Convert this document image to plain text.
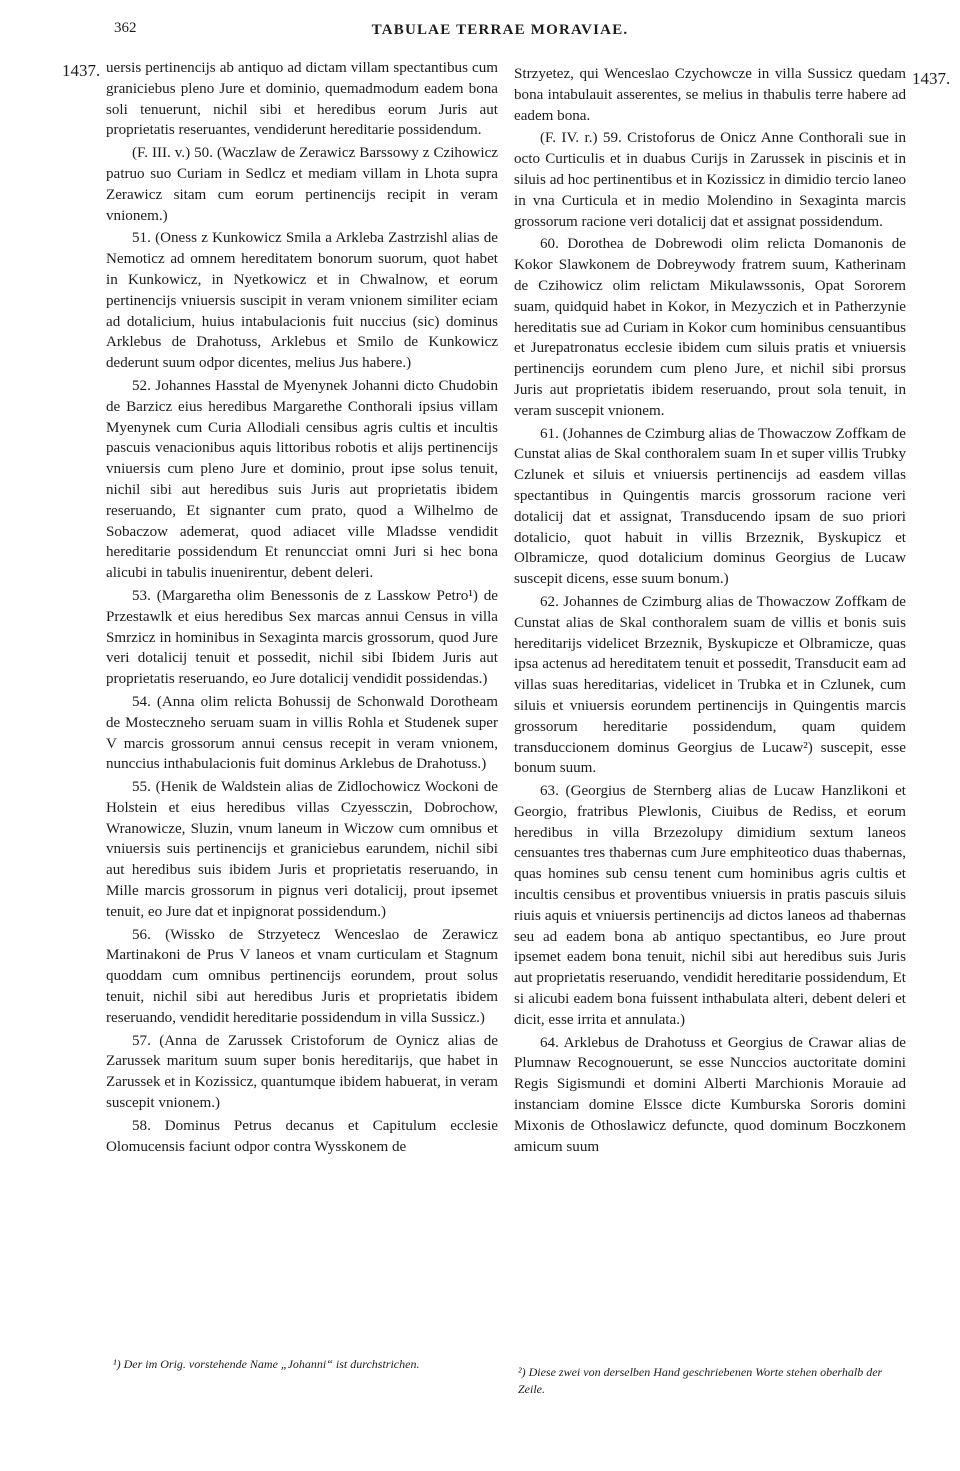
362	TABULAE TERRAE MORAVIAE.
1437.	1437.

uersis pertinencijs ab antiquo ad dictam villam spectantibus cum graniciebus pleno Jure et dominio, quemadmodum eadem bona soli tenuerunt, nichil sibi et heredibus eorum Juris aut proprietatis reseruantes, vendiderunt hereditarie possidendum.

(F. III. v.) 50. (Waczlaw de Zerawicz Barssowy z Czihowicz patruo suo Curiam in Sedlcz et mediam villam in Lhota supra Zerawicz sitam cum eorum pertinencijs recipit in veram vnionem.)

51. (Oness z Kunkowicz Smila a Arkleba Zastrzishl alias de Nemoticz ad omnem hereditatem bonorum suorum, quot habet in Kunkowicz, in Nyetkowicz et in Chwalnow, et eorum pertinencijs vniuersis suscipit in veram vnionem similiter eciam ad dotalicium, huius intabulacionis fuit nuccius (sic) dominus Arklebus de Drahotuss, Arklebus et Smilo de Kunkowicz dederunt suum odpor dicentes, melius Jus habere.)

52. Johannes Hasstal de Myenynek Johanni dicto Chudobin de Barzicz eius heredibus Margarethe Conthorali ipsius villam Myenynek cum Curia Allodiali censibus agris cultis et incultis pascuis venacionibus aquis littoribus robotis et alijs pertinencijs vniuersis cum pleno Jure et dominio, prout ipse solus tenuit, nichil sibi aut heredibus suis Juris aut proprietatis ibidem reseruando, Et signanter cum prato, quod a Wilhelmo de Sobaczow ademerat, quod adiacet ville Mladsse vendidit hereditarie possidendum Et renuncciat omni Juri si hec bona alicubi in tabulis inuenirentur, debent deleri.

53. (Margaretha olim Benessonis de z Lasskow Petro¹) de Przestawlk et eius heredibus Sex marcas annui Census in villa Smrzicz in hominibus in Sexaginta marcis grossorum, quod Jure veri dotalicij tenuit et possedit, nichil sibi Ibidem Juris aut proprietatis reseruando, eo Jure dotalicij vendidit possidendas.)

54. (Anna olim relicta Bohussij de Schonwald Dorotheam de Mosteczneho seruam suam in villis Rohla et Studenek super V marcis grossorum annui census recepit in veram vnionem, nunccius inthabulacionis fuit dominus Arklebus de Drahotuss.)

55. (Henik de Waldstein alias de Zidlochowicz Wockoni de Holstein et eius heredibus villas Czyessczin, Dobrochow, Wranowicze, Sluzin, vnum laneum in Wiczow cum omnibus et vniuersis suis pertinencijs et graniciebus earundem, nichil sibi aut heredibus suis ibidem Juris et proprietatis reseruando, in Mille marcis grossorum in pignus veri dotalicij, prout ipsemet tenuit, eo Jure dat et inpignorat possidendum.)

56. (Wissko de Strzyetecz Wenceslao de Zerawicz Martinakoni de Prus V laneos et vnam curticulam et Stagnum quoddam cum omnibus pertinencijs eorundem, prout solus tenuit, nichil sibi aut heredibus Juris et proprietatis ibidem reseruando, vendidit hereditarie possidendum in villa Sussicz.)

57. (Anna de Zarussek Cristoforum de Oynicz alias de Zarussek maritum suum super bonis hereditarijs, que habet in Zarussek et in Kozissicz, quantumque ibidem habuerat, in veram suscepit vnionem.)

58. Dominus Petrus decanus et Capitulum ecclesie Olomucensis faciunt odpor contra Wysskonem de

Strzyetez, qui Wenceslao Czychowcze in villa Sussicz quedam bona intabulauit asserentes, se melius in thabulis terre habere ad eadem bona.

(F. IV. r.) 59. Cristoforus de Onicz Anne Conthorali sue in octo Curticulis et in duabus Curijs in Zarussek in piscinis et in siluis ad hoc pertinentibus et in Kozissicz in dimidio tercio laneo in vna Curticula et in medio Molendino in Sexaginta marcis grossorum racione veri dotalicij dat et assignat possidendum.

60. Dorothea de Dobrewodi olim relicta Domanonis de Kokor Slawkonem de Dobreywody fratrem suum, Katherinam de Czihowicz olim relictam Mikulawssonis, Opat Sororem suam, quidquid habet in Kokor, in Mezyczich et in Patherzynie hereditatis sue ad Curiam in Kokor cum hominibus censuantibus et Jurepatronatus ecclesie ibidem cum siluis pratis et vniuersis pertinencijs eorundem cum pleno Jure, et nichil sibi prorsus Juris aut proprietatis ibidem reseruando, prout sola tenuit, in veram suscepit vnionem.

61. (Johannes de Czimburg alias de Thowaczow Zoffkam de Cunstat alias de Skal conthoralem suam In et super villis Trubky Czlunek et siluis et vniuersis pertinencijs ad easdem villas spectantibus in Quingentis marcis grossorum racione veri dotalicij dat et assignat, Transducendo ipsam de suo priori dotalicio, quot habuit in villis Brzeznik, Byskupicz et Olbramicze, quod dotalicium dominus Georgius de Lucaw suscepit dicens, esse suum bonum.)

62. Johannes de Czimburg alias de Thowaczow Zoffkam de Cunstat alias de Skal conthoralem suam de villis et bonis suis hereditarijs videlicet Brzeznik, Byskupicze et Olbramicze, quas ipsa actenus ad hereditatem tenuit et possedit, Transducit eam ad villas suas hereditarias, videlicet in Trubka et in Czlunek, cum siluis et vniuersis eorundem pertinencijs in Quingentis marcis grossorum hereditarie possidendum, quam quidem transduccionem dominus Georgius de Lucaw²) suscepit, esse bonum suum.

63. (Georgius de Sternberg alias de Lucaw Hanzlikoni et Georgio, fratribus Plewlonis, Ciuibus de Rediss, et eorum heredibus in villa Brzezolupy dimidium sextum laneos censuantes tres thabernas cum Jure emphiteotico duas thabernas, quas homines sub censu tenent cum hominibus agris cultis et incultis censibus et proventibus vniuersis in pratis pascuis siluis riuis aquis et vniuersis pertinencijs ad dictos laneos ad thabernas seu ad eadem bona ab antiquo spectantibus, eo Jure prout ipsemet eadem bona tenuit, nichil sibi aut heredibus suis Juris aut proprietatis reseruando, vendidit hereditarie possidendum, Et si alicubi eadem bona fuissent inthabulata alteri, debent deleri et dicit, esse irrita et annulata.)

64. Arklebus de Drahotuss et Georgius de Crawar alias de Plumnaw Recognouerunt, se esse Nunccios auctoritate domini Regis Sigismundi et domini Alberti Marchionis Morauie ad instanciam domine Elssce dicte Kumburska Sororis domini Mixonis de Othoslawicz defuncte, quod dominum Boczkonem amicum suum

¹) Der im Orig. vorstehende Name „Johanni“ ist durchstrichen.
²) Diese zwei von derselben Hand geschriebenen Worte stehen oberhalb der Zeile.
